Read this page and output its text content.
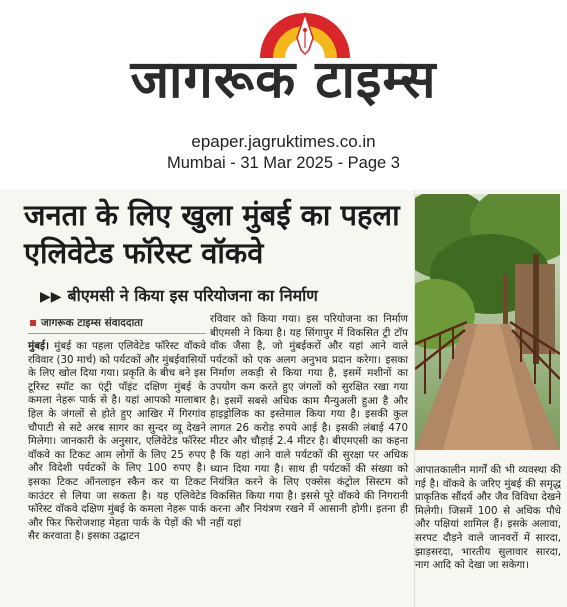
जागरूक टाइम्स
epaper.jagruktimes.co.in
Mumbai - 31 Mar 2025 - Page 3
जनता के लिए खुला मुंबई का पहला एलिवेटेड फॉरेस्ट वॉकवे
▶▶ बीएमसी ने किया इस परियोजना का निर्माण
जागरूक टाइम्स संवाददाता

मुंबई। मुंबई का पहला एलिवेटेड फॉरेस्ट वॉकवे रविवार (30 मार्च) को पर्यटकों और मुंबईवासियों के लिए खोल दिया गया। प्रकृति के बीच बने इस टूरिस्ट स्पॉट का एंट्री पॉइंट दक्षिण मुंबई के कमला नेहरू पार्क से है। यहां आपको मालाबार हिल के जंगलों से होते हुए आखिर में गिरगांव चौपाटी से सटे अरब सागर का सुन्दर व्यू देखने मिलेगा। जानकारी के अनुसार, एलिवेटेड फॉरेस्ट वॉकवे का टिकट आम लोगों के लिए 25 रुपए और विदेशी पर्यटकों के लिए 100 रुपए है। इसका टिकट ऑनलाइन स्कैन कर या टिकट काउंटर से लिया जा सकता है। यह एलिवेटेड फॉरेस्ट वॉकवे दक्षिण मुंबई के कमला नेहरू पार्क और फिर फिरोजशाह मेहता पार्क के पेड़ों की भी सैर करवाता है। इसका उद्घाटन

रविवार को किया गया। इस परियोजना का निर्माण बीएमसी ने किया है। यह सिंगापुर में विकसित ट्री टॉप वॉक जैसा है, जो मुंबईकरों और यहां आने वाले पर्यटकों को एक अलग अनुभव प्रदान करेगा। इसका निर्माण लकड़ी से किया गया है, इसमें मशीनों का उपयोग कम करते हुए जंगलों को सुरक्षित रखा गया है। इसमें सबसे अधिक काम मैन्युअली हुआ है और हाइड्रोलिक का इस्तेमाल किया गया है। इसकी कुल लागत 26 करोड़ रुपये आई है। इसकी लंबाई 470 मीटर और चौड़ाई 2.4 मीटर है। बीएमएसी का कहना है कि यहां आने वाले पर्यटकों की सुरक्षा पर अधिक ध्यान दिया गया है। साथ ही पर्यटकों की संख्या को नियंत्रित करने के लिए एक्सेस कंट्रोल सिस्टम को विकसित किया गया है। इससे पूरे वॉकवे की निगरानी करना और नियंत्रण रखने में आसानी होगी। इतना ही नहीं यहां

आपातकालीन मार्गों की भी व्यवस्था की गई है। वॉकवे के जरिए मुंबई की समृद्ध प्राकृतिक सौंदर्य और जैव विविधा देखने मिलेगी। जिसमें 100 से अधिक पौधे और पक्षियां शामिल हैं। इसके अलावा, सरपट दौड़ने वाले जानवरों में सारदा, झाड़सरदा, भारतीय सुलावार सारदा, नाग आदि को देखा जा सकेगा।
